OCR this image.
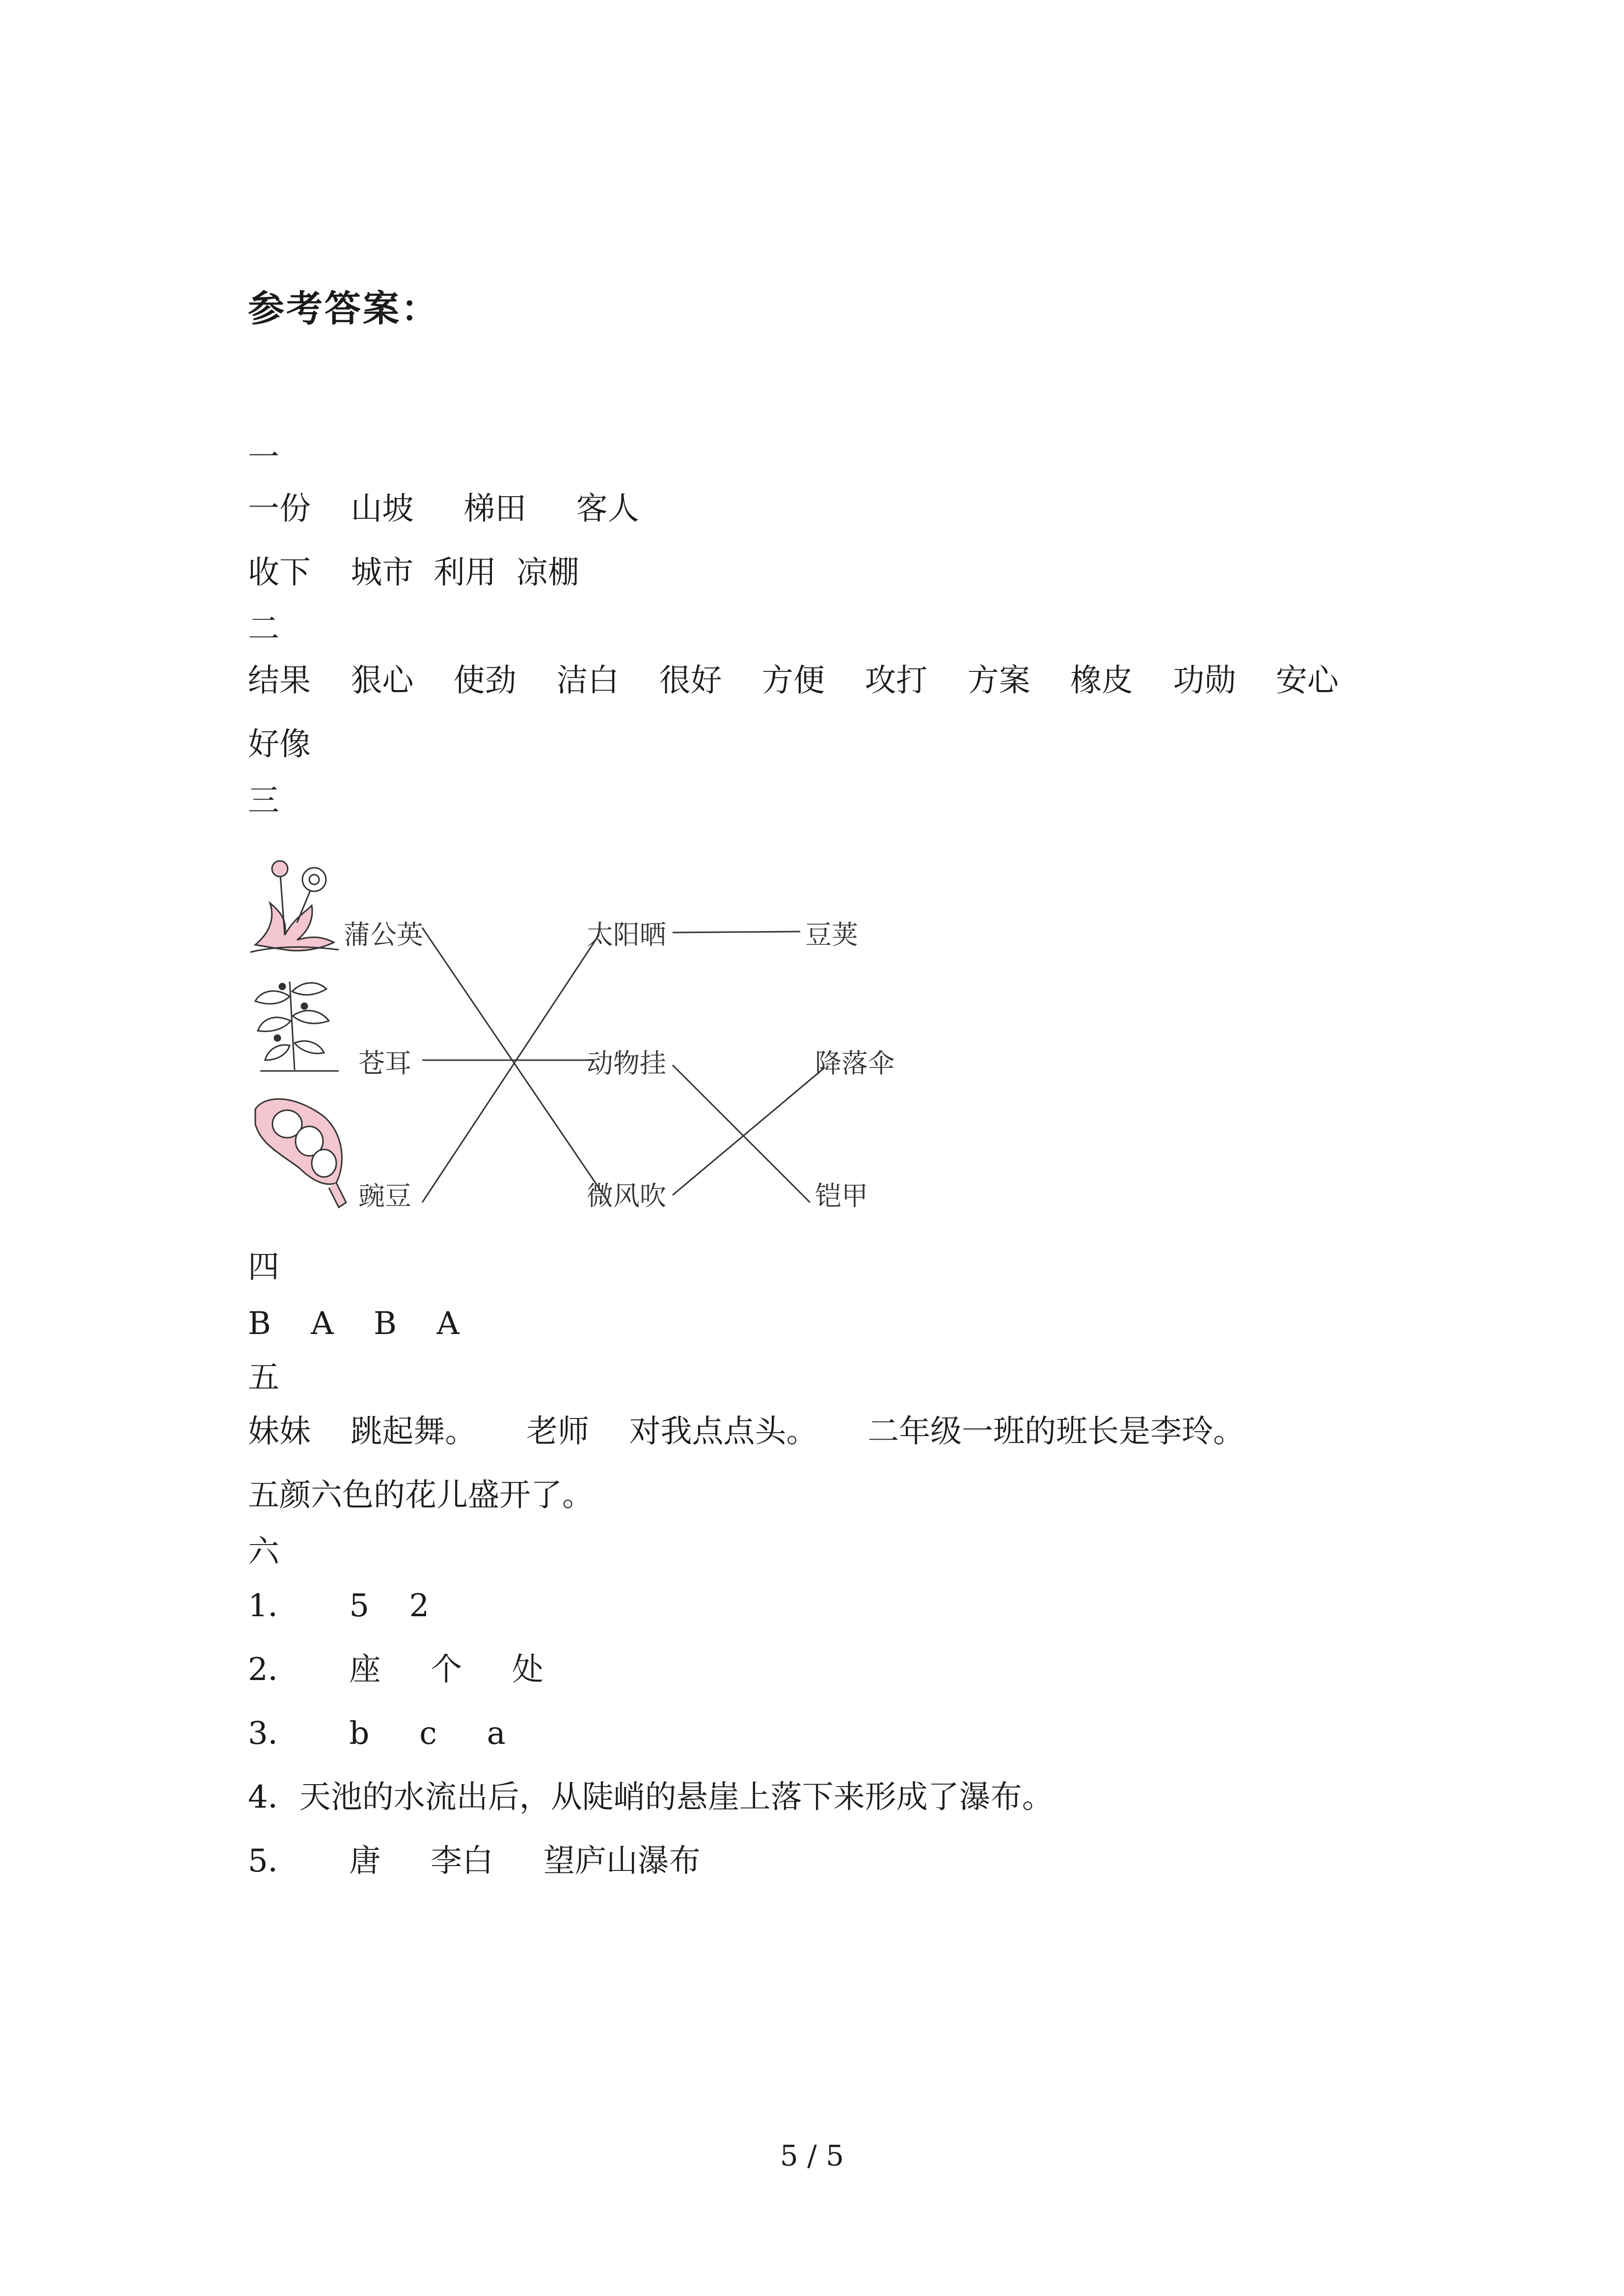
参考答案：
一
一份    山坡     梯田     客人
收下    城市  利用  凉棚
二
结果    狠心    使劲    洁白    很好    方便    攻打    方案    橡皮    功勋    安心
好像
三
蒲公英
苍耳
豌豆
太阳晒
动物挂
微风吹
豆荚
降落伞
铠甲
四
B    A    B    A
五
妹妹    跳起舞。     老师    对我点点头。     二年级一班的班长是李玲。
五颜六色的花儿盛开了。
六
1．     5    2
2．     座     个     处
3．     b     c     a
4．天池的水流出后，从陡峭的悬崖上落下来形成了瀑布。
5．     唐     李白     望庐山瀑布
5 / 5
